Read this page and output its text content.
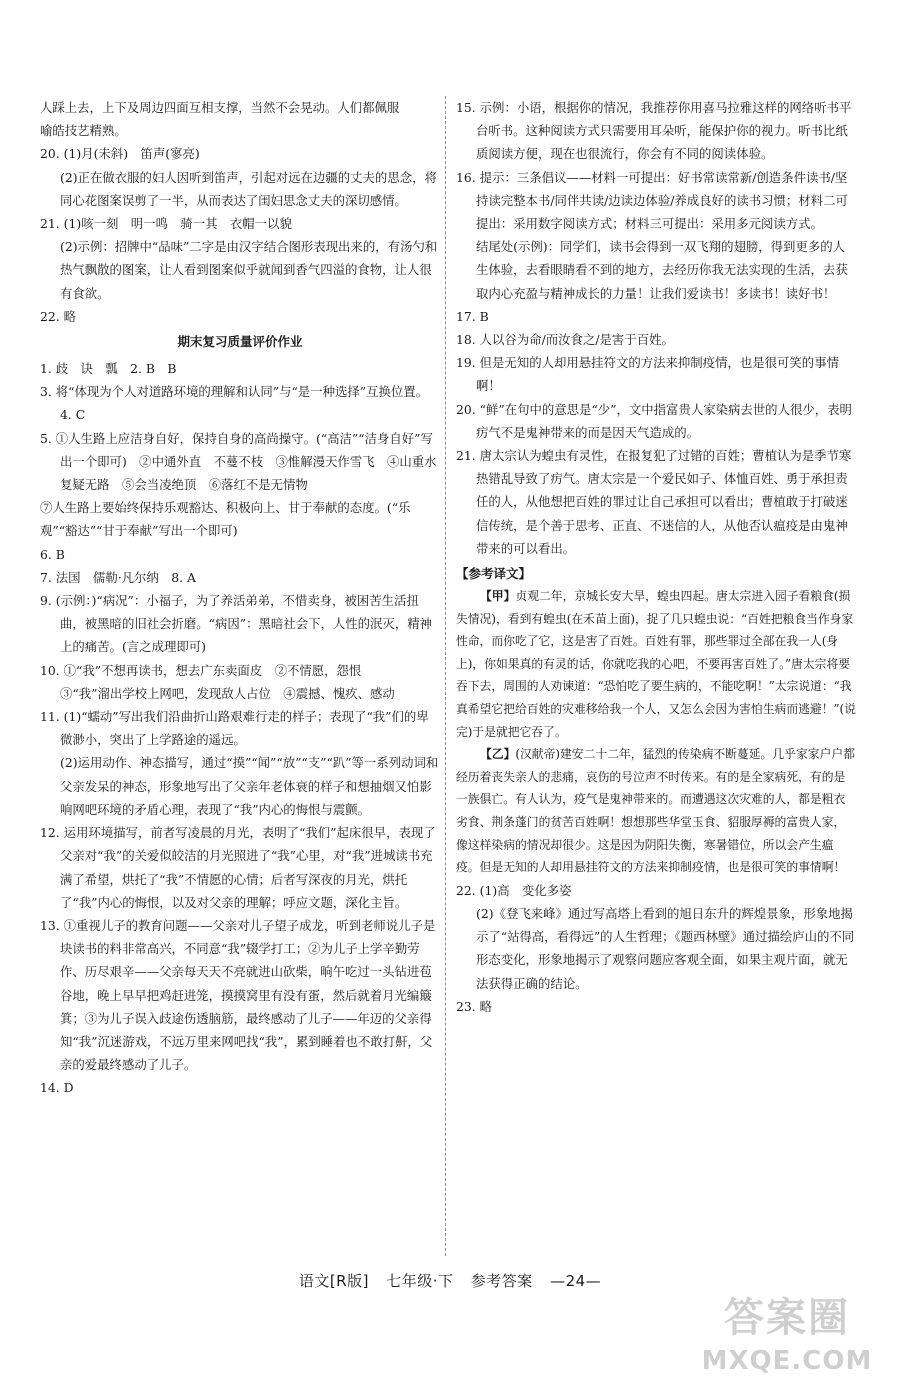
人踩上去，上下及周边四面互相支撑，当然不会晃动。人们都佩服

喻皓技艺精熟。

20. (1)月(未斜)　笛声(寥亮)

(2)正在做衣服的妇人因听到笛声，引起对远在边疆的丈夫的思念，将同心花图案误剪了一半，从而表达了闺妇思念丈夫的深切感情。

21. (1)咳一刻　明一鸣　骑一其　衣帽一以貌

(2)示例：招牌中“品味”二字是由汉字结合图形表现出来的，有汤勺和热气飘散的图案，让人看到图案似乎就闻到香气四溢的食物，让人很有食欲。

22. 略

期末复习质量评价作业

1. 歧　诀　瓢　2. B　B

3. 将“体现为个人对道路环境的理解和认同”与“是一种选择”互换位置。　4. C

5. ①人生路上应洁身自好，保持自身的高尚操守。(“高洁”“洁身自好”写出一个即可)　②中通外直　不蔓不枝　③惟解漫天作雪飞　④山重水复疑无路　⑤会当凌绝顶　⑥落红不是无情物

⑦人生路上要始终保持乐观豁达、积极向上、甘于奉献的态度。(“乐观”“豁达”“甘于奉献”写出一个即可)

6. B

7. 法国　儒勒·凡尔纳　8. A

9. (示例：)“病况”：小福子，为了养活弟弟，不惜卖身，被困苦生活扭曲，被黑暗的旧社会折磨。“病因”：黑暗社会下，人性的泯灭，精神上的痛苦。(言之成理即可)

10. ①“我”不想再读书，想去广东卖面皮　②不情愿，怨恨

③“我”溜出学校上网吧，发现敌人占位　④震撼、愧疚、感动

11. (1)“蠕动”写出我们沿曲折山路艰难行走的样子；表现了“我”们的卑微渺小，突出了上学路途的遥远。

(2)运用动作、神态描写，通过“摸”“闻”“放”“支”“趴”等一系列动词和父亲发呆的神态，形象地写出了父亲年老体衰的样子和想抽烟又怕影响网吧环境的矛盾心理，表现了“我”内心的悔恨与震颤。

12. 运用环境描写，前者写凌晨的月光，表明了“我们”起床很早，表现了父亲对“我”的关爱似皎洁的月光照进了“我”心里，对“我”进城读书充满了希望，烘托了“我”不情愿的心情；后者写深夜的月光，烘托了“我”内心的悔恨，以及对父亲的理解；呼应文题，深化主旨。

13. ①重视儿子的教育问题——父亲对儿子望子成龙，听到老师说儿子是块读书的料非常高兴，不同意“我”辍学打工；②为儿子上学辛勤劳作、历尽艰辛——父亲每天天不亮就进山砍柴，晌午吃过一头钻进苞谷地，晚上早早把鸡赶进笼，摸摸窝里有没有蛋，然后就着月光编簸箕；③为儿子误入歧途伤透脑筋，最终感动了儿子——年迈的父亲得知“我”沉迷游戏，不远万里来网吧找“我”，累到睡着也不敢打鼾，父亲的爱最终感动了儿子。

14. D

15. 示例：小语，根据你的情况，我推荐你用喜马拉雅这样的网络听书平台听书。这种阅读方式只需要用耳朵听，能保护你的视力。听书比纸质阅读方便，现在也很流行，你会有不同的阅读体验。

16. 提示：三条倡议——材料一可提出：好书常读常新/创造条件读书/坚持读完整本书/同伴共读/边读边体验/养成良好的读书习惯；材料二可提出：采用数字阅读方式；材料三可提出：采用多元阅读方式。

结尾处(示例)：同学们，读书会得到一双飞翔的翅膀，得到更多的人生体验，去看眼睛看不到的地方，去经历你我无法实现的生活，去获取内心充盈与精神成长的力量！让我们爱读书！多读书！读好书！

17. B

18. 人以谷为命/而汝食之/是害于百姓。

19. 但是无知的人却用悬挂符文的方法来抑制疫情，也是很可笑的事情啊！

20. “鲜”在句中的意思是“少”，文中指富贵人家染病去世的人很少，表明疠气不是鬼神带来的而是因天气造成的。

21. 唐太宗认为蝗虫有灵性，在报复犯了过错的百姓；曹植认为是季节寒热错乱导致了疠气。唐太宗是一个爱民如子、体恤百姓、勇于承担责任的人，从他想把百姓的罪过让自己承担可以看出；曹植敢于打破迷信传统，是个善于思考、正直、不迷信的人，从他否认瘟疫是由鬼神带来的可以看出。

【参考译文】

【甲】贞观二年，京城长安大旱，蝗虫四起。唐太宗进入园子看粮食(损失情况)，看到有蝗虫(在禾苗上面)，捉了几只蝗虫说：“百姓把粮食当作身家性命，而你吃了它，这是害了百姓。百姓有罪，那些罪过全部在我一人(身上)，你如果真的有灵的话，你就吃我的心吧，不要再害百姓了。”唐太宗将要吞下去，周围的人劝谏道：“恐怕吃了要生病的，不能吃啊！”太宗说道：“我真希望它把给百姓的灾难移给我一个人，又怎么会因为害怕生病而逃避！”(说完)于是就把它吞了。

【乙】(汉献帝)建安二十二年，猛烈的传染病不断蔓延。几乎家家户户都经历着丧失亲人的悲痛，哀伤的号泣声不时传来。有的是全家病死，有的是一族俱亡。有人认为，疫气是鬼神带来的。而遭遇这次灾难的人，都是粗衣劣食、荆条蓬门的贫苦百姓啊！想想那些华堂玉食、貂服厚褥的富贵人家，像这样染病的情况却很少。这是因为阴阳失衡，寒暑错位，所以会产生瘟疫。但是无知的人却用悬挂符文的方法来抑制疫情，也是很可笑的事情啊！

22. (1)高　变化多姿

(2)《登飞来峰》通过写高塔上看到的旭日东升的辉煌景象，形象地揭示了“站得高，看得远”的人生哲理；《题西林壁》通过描绘庐山的不同形态变化，形象地揭示了观察问题应客观全面，如果主观片面，就无法获得正确的结论。

23. 略

语文[R版] 七年级·下 参考答案 —24—
答案圈
MXQE.COM
